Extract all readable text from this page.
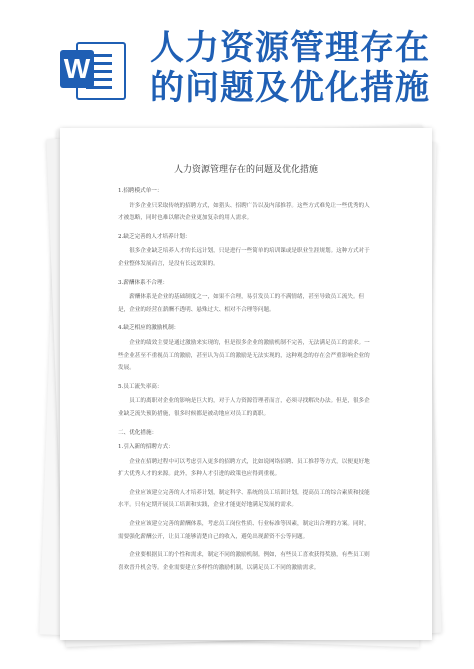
W
人力资源管理存在
的问题及优化措施
人力资源管理存在的问题及优化措施

1.招聘模式单一：

　　许多企业只采取传统的招聘方式，如猎头、招聘广告以及内部推荐。这些方式难免让一些优秀的人才被忽略，同时也难以解决企业更加复杂的用人需求。

2.缺乏完善的人才培养计划：

　　很多企业缺乏培养人才的长远计划，只是进行一些简单的培训课或是职业生涯规划。这种方式对于企业整体发展而言，是没有长远效果的。

3.薪酬体系不合理：

　　薪酬体系是企业的基础制度之一，如果不合理，易引发员工的不满情绪，甚至导致员工流失。但是，企业的经营在薪酬不透明、悬殊过大、相对不合理等问题。

4.缺乏相应的激励机制：

　　企业的绩效主要是通过激励来实现的，但是很多企业的激励机制不完善，无法满足员工的需求。一些企业甚至不重视员工的激励，甚至认为员工的激励是无法实现的，这种观念的存在会严重影响企业的发展。

5.员工流失率高：

　　员工的离职对企业的影响是巨大的，对于人力资源管理者而言，必须寻找解决办法。但是，很多企业缺乏流失预防措施，很多时候都是被动地应对员工的离职。

二、优化措施：

1.引入新的招聘方式：

　　企业在招聘过程中可以考虑引入更多的招聘方式，比如说网络招聘、员工推荐等方式，以便更好地扩大优秀人才的来源。此外，多种人才引进的政策也应得到重视。

　　企业应该建立完善的人才培养计划，制定科学、系统的员工培训计划，提高员工的综合素质和技能水平。只有定期开展员工培训和实践，企业才能更好地满足发展的需求。

　　企业应该建立完善的薪酬体系，考虑员工岗位性质、行业标准等因素，制定出合理的方案。同时，需要强化薪酬公开，让员工能够清楚自己的收入，避免出现薪资不公等问题。

　　企业要根据员工的个性和需求，制定不同的激励机制。例如，有些员工喜欢获得奖励，有些员工则喜欢晋升机会等。企业需要建立多样性的激励机制，以满足员工不同的激励需求。
